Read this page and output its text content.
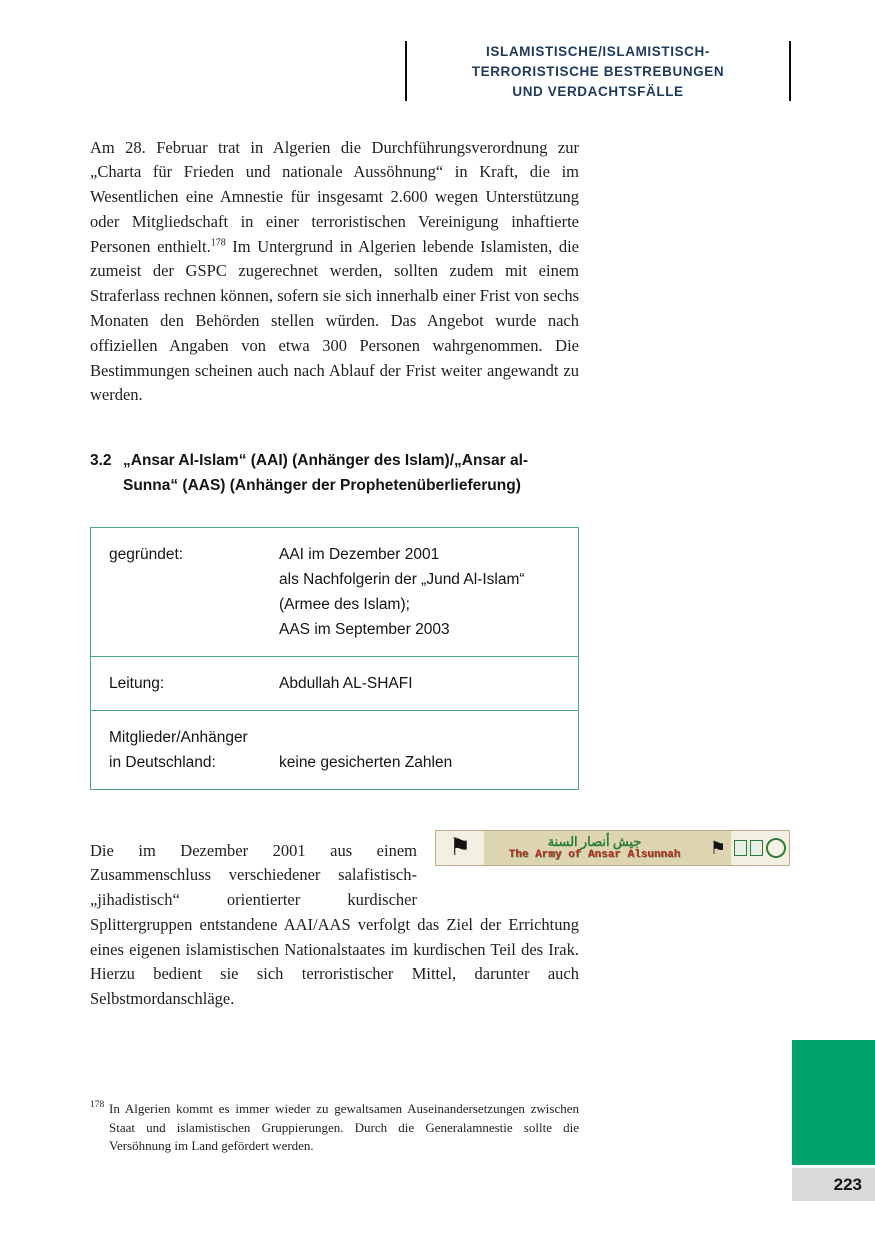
ISLAMISTISCHE/ISLAMISTISCH-
TERRORISTISCHE BESTREBUNGEN
UND VERDACHTSFÄLLE

Am 28. Februar trat in Algerien die Durchführungsverordnung zur „Charta für Frieden und nationale Aussöhnung“ in Kraft, die im Wesentlichen eine Amnestie für insgesamt 2.600 wegen Unterstützung oder Mitgliedschaft in einer terroristischen Vereinigung inhaftierte Personen enthielt.$^{178}$ Im Untergrund in Algerien lebende Islamisten, die zumeist der GSPC zugerechnet werden, sollten zudem mit einem Straferlass rechnen können, sofern sie sich innerhalb einer Frist von sechs Monaten den Behörden stellen würden. Das Angebot wurde nach offiziellen Angaben von etwa 300 Personen wahrgenommen. Die Bestimmungen scheinen auch nach Ablauf der Frist weiter angewandt zu werden.

3.2 „Ansar Al-Islam“ (AAI) (Anhänger des Islam)/„Ansar al-Sunna“ (AAS) (Anhänger der Prophetenüberlieferung)
gegründet:	AAI im Dezember 2001
als Nachfolgerin der „Jund Al-Islam“
(Armee des Islam);
AAS im September 2003
Leitung:	Abdullah AL-SHAFI
Mitglieder/Anhänger
in Deutschland:	keine gesicherten Zahlen

Die im Dezember 2001 aus einem Zusammenschluss verschiedener salafistisch-„jihadistisch“ orientierter kurdischer Splittergruppen entstandene AAI/AAS verfolgt das Ziel der Errichtung eines eigenen islamistischen Nationalstaates im kurdischen Teil des Irak. Hierzu bedient sie sich terroristischer Mittel, darunter auch Selbstmordanschläge.

⚑	جيش أنصار السنة
The Army of Ansar Alsunnah ⚑
178 In Algerien kommt es immer wieder zu gewaltsamen Auseinandersetzungen zwischen Staat und islamistischen Gruppierungen. Durch die Generalamnestie sollte die Versöhnung im Land gefördert werden.
223
